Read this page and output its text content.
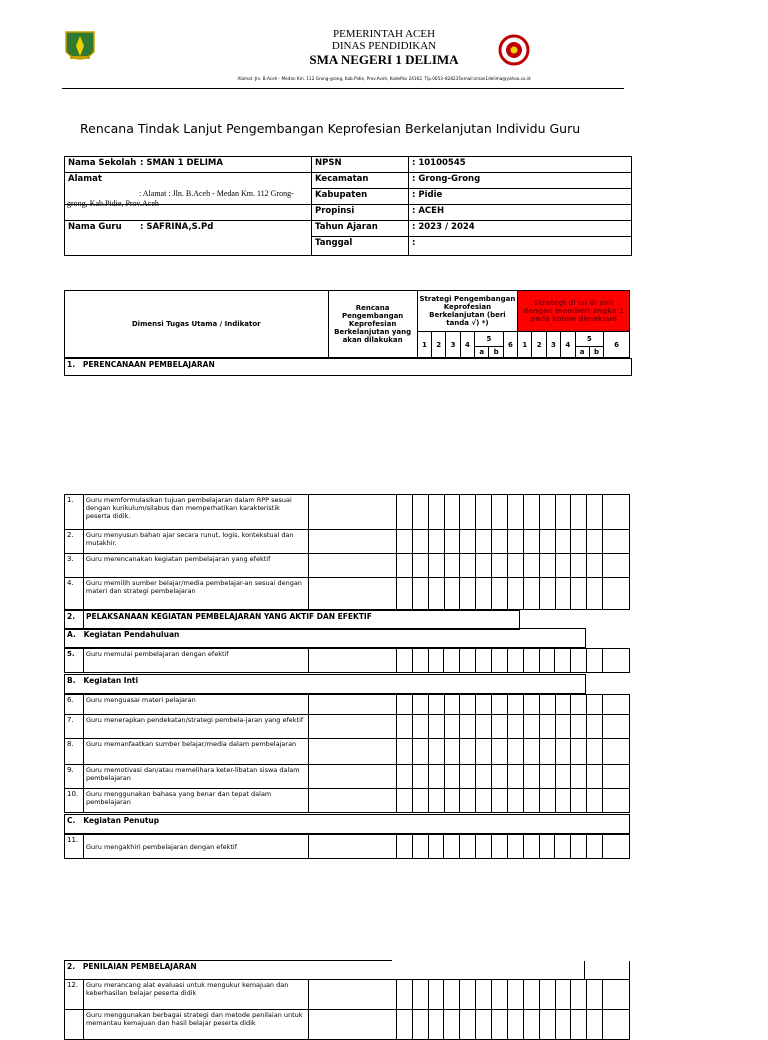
PEMERINTAH ACEH
DINAS PENDIDIKAN
SMA NEGERI 1 DELIMA
Alamat :Jln. B.Aceh - Medan Km. 112 Grong-grong, Kab.Pidie, Prov.Aceh, KodePos 24162, Tlp.0653–828235email:sman1delima@yahoo.co.id
Rencana Tindak Lanjut Pengembangan Keprofesian Berkelanjutan Individu Guru
Nama Sekolah : SMAN 1 DELIMA	NPSN	: 10100545
Alamat	Kecamatan	: Grong-Grong
	Kabupaten	: Pidie
	Propinsi	: ACEH
Nama Guru : SAFRINA,S.Pd	Tahun Ajaran	: 2023 / 2024
	Tanggal	:
: Alamat : Jln. B.Aceh - Medan Km. 112 Grong-grong, Kab.Pidie, Prov.Aceh
Dimensi Tugas Utama / Indikator	Rencana Pengembangan Keprofesian Berkelanjutan yang akan dilakukan	Strategi Pengembangan Keprofesian Berkelanjutan (beri tanda √) *)							Strategi di isi di sini dengan memberi angka 1 pada kolom dimaksud						
		1	2	3	4	5		6	1	2	3	4	5		6
						a	b						a	b	
1. PERENCANAAN PEMBELAJARAN
1.	Guru memformulasikan tujuan pembelajaran dalam RPP sesuai dengan kurikulum/silabus dan memperhatikan karakteristik peserta didik.															
2.	Guru menyusun bahan ajar secara runut, logis, kontekstual dan mutakhir.															
3.	Guru merencanakan kegiatan pembelajaran yang efektif															
4.	Guru memilih sumber belajar/media pembelajar-an sesuai dengan materi dan strategi pembelajaran															
2.	PELAKSANAAN KEGIATAN PEMBELAJARAN YANG AKTIF DAN EFEKTIF
A. Kegiatan Pendahuluan
5.	Guru memulai pembelajaran dengan efektif															
B. Kegiatan Inti
6.	Guru menguasai materi pelajaran															
7.	Guru menerapkan pendekatan/strategi pembela-jaran yang efektif															
8.	Guru memanfaatkan sumber belajar/media dalam pembelajaran															
9.	Guru memotivasi dan/atau memelihara keter-libatan siswa dalam pembelajaran															
10.	Guru menggunakan bahasa yang benar dan tepat dalam pembelajaran															
C. Kegiatan Penutup
11.	Guru mengakhiri pembelajaran dengan efektif															
2. PENILAIAN PEMBELAJARAN	
12.	Guru merancang alat evaluasi untuk mengukur kemajuan dan keberhasilan belajar peserta didik															
	Guru menggunakan berbagai strategi dan metode penilaian untuk memantau kemajuan dan hasil belajar peserta didik															
